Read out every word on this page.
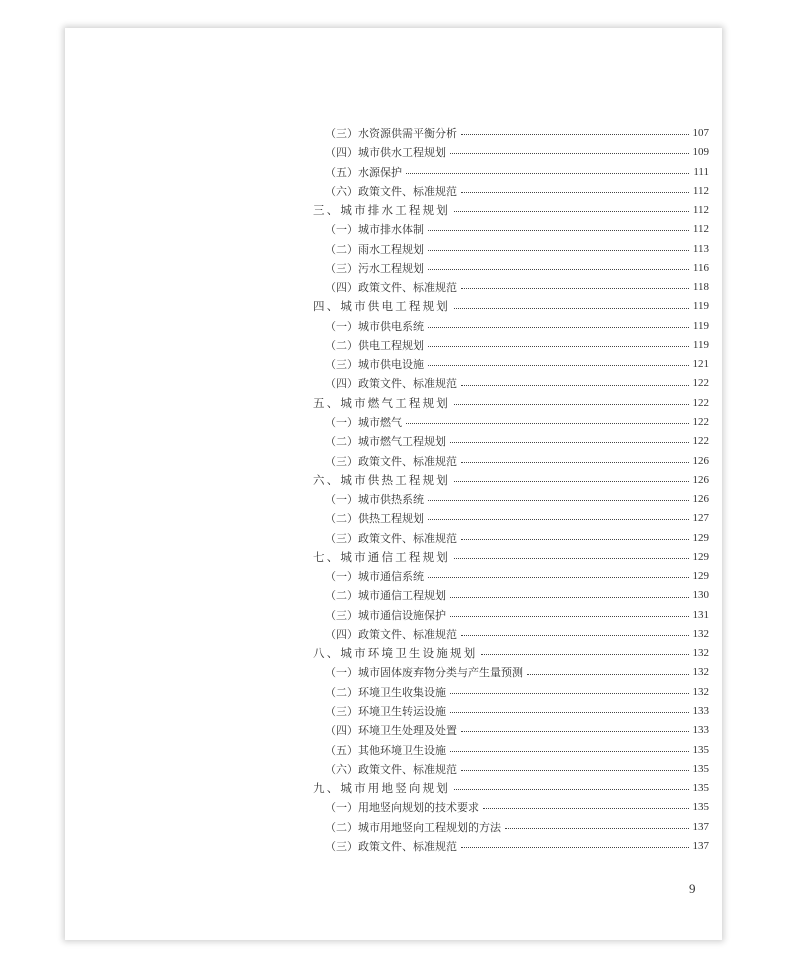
（三）水资源供需平衡分析	107
（四）城市供水工程规划	109
（五）水源保护	111
（六）政策文件、标准规范	112
三、城市排水工程规划	112
（一）城市排水体制	112
（二）雨水工程规划	113
（三）污水工程规划	116
（四）政策文件、标准规范	118
四、城市供电工程规划	119
（一）城市供电系统	119
（二）供电工程规划	119
（三）城市供电设施	121
（四）政策文件、标准规范	122
五、城市燃气工程规划	122
（一）城市燃气	122
（二）城市燃气工程规划	122
（三）政策文件、标准规范	126
六、城市供热工程规划	126
（一）城市供热系统	126
（二）供热工程规划	127
（三）政策文件、标准规范	129
七、城市通信工程规划	129
（一）城市通信系统	129
（二）城市通信工程规划	130
（三）城市通信设施保护	131
（四）政策文件、标准规范	132
八、城市环境卫生设施规划	132
（一）城市固体废弃物分类与产生量预测	132
（二）环境卫生收集设施	132
（三）环境卫生转运设施	133
（四）环境卫生处理及处置	133
（五）其他环境卫生设施	135
（六）政策文件、标准规范	135
九、城市用地竖向规划	135
（一）用地竖向规划的技术要求	135
（二）城市用地竖向工程规划的方法	137
（三）政策文件、标准规范	137
9
